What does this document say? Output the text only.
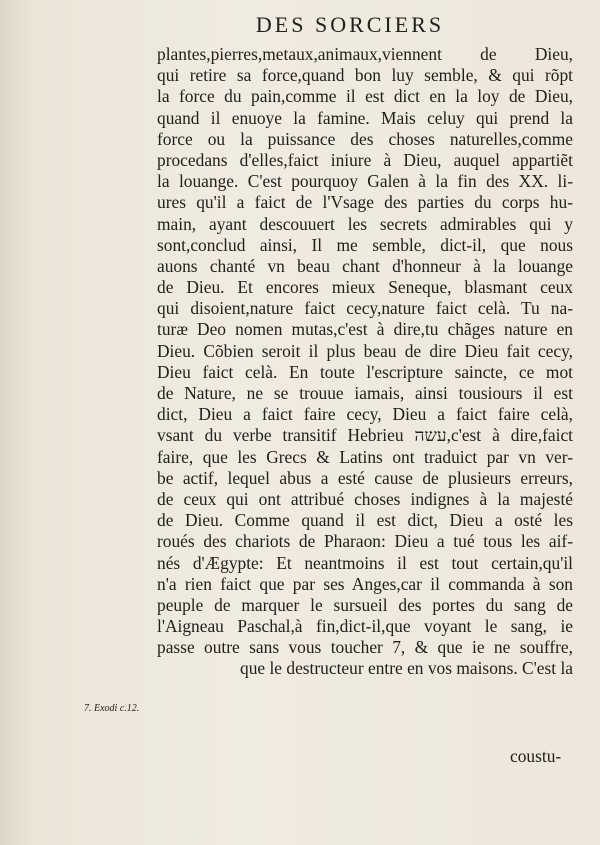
DES SORCIERS
plantes,pierres,metaux,animaux,viennent de Dieu,
qui retire sa force,quand bon luy semble, & qui rõpt
la force du pain,comme il est dict en la loy de Dieu,
quand il enuoye la famine. Mais celuy qui prend la
force ou la puissance des choses naturelles,comme
procedans d'elles,faict iniure à Dieu, auquel appartiẽt
la louange. C'est pourquoy Galen à la fin des XX. li-
ures qu'il a faict de l'Vsage des parties du corps hu-
main, ayant descouuert les secrets admirables qui y
sont,conclud ainsi, Il me semble, dict-il, que nous
auons chanté vn beau chant d'honneur à la louange
de Dieu. Et encores mieux Seneque, blasmant ceux
qui disoient,nature faict cecy,nature faict celà. Tu na-
turæ Deo nomen mutas,c'est à dire,tu chãges nature en
Dieu. Cõbien seroit il plus beau de dire Dieu fait cecy,
Dieu faict celà. En toute l'escripture saincte, ce mot
de Nature, ne se trouue iamais, ainsi tousiours il est
dict, Dieu a faict faire cecy, Dieu a faict faire celà,
vsant du verbe transitif Hebrieu עשה,c'est à dire,faict
faire, que les Grecs & Latins ont traduict par vn ver-
be actif, lequel abus a esté cause de plusieurs erreurs,
de ceux qui ont attribué choses indignes à la majesté
de Dieu. Comme quand il est dict, Dieu a osté les
roués des chariots de Pharaon: Dieu a tué tous les aif-
nés d'Ægypte: Et neantmoins il est tout certain,qu'il
n'a rien faict que par ses Anges,car il commanda à son
peuple de marquer le sursueil des portes du sang de
l'Aigneau Paschal,à fin,dict-il,que voyant le sang, ie
passe outre sans vous toucher 7, & que ie ne souffre,
que le destructeur entre en vos maisons. C'est la
7. Exodi c.12.
coustu-
